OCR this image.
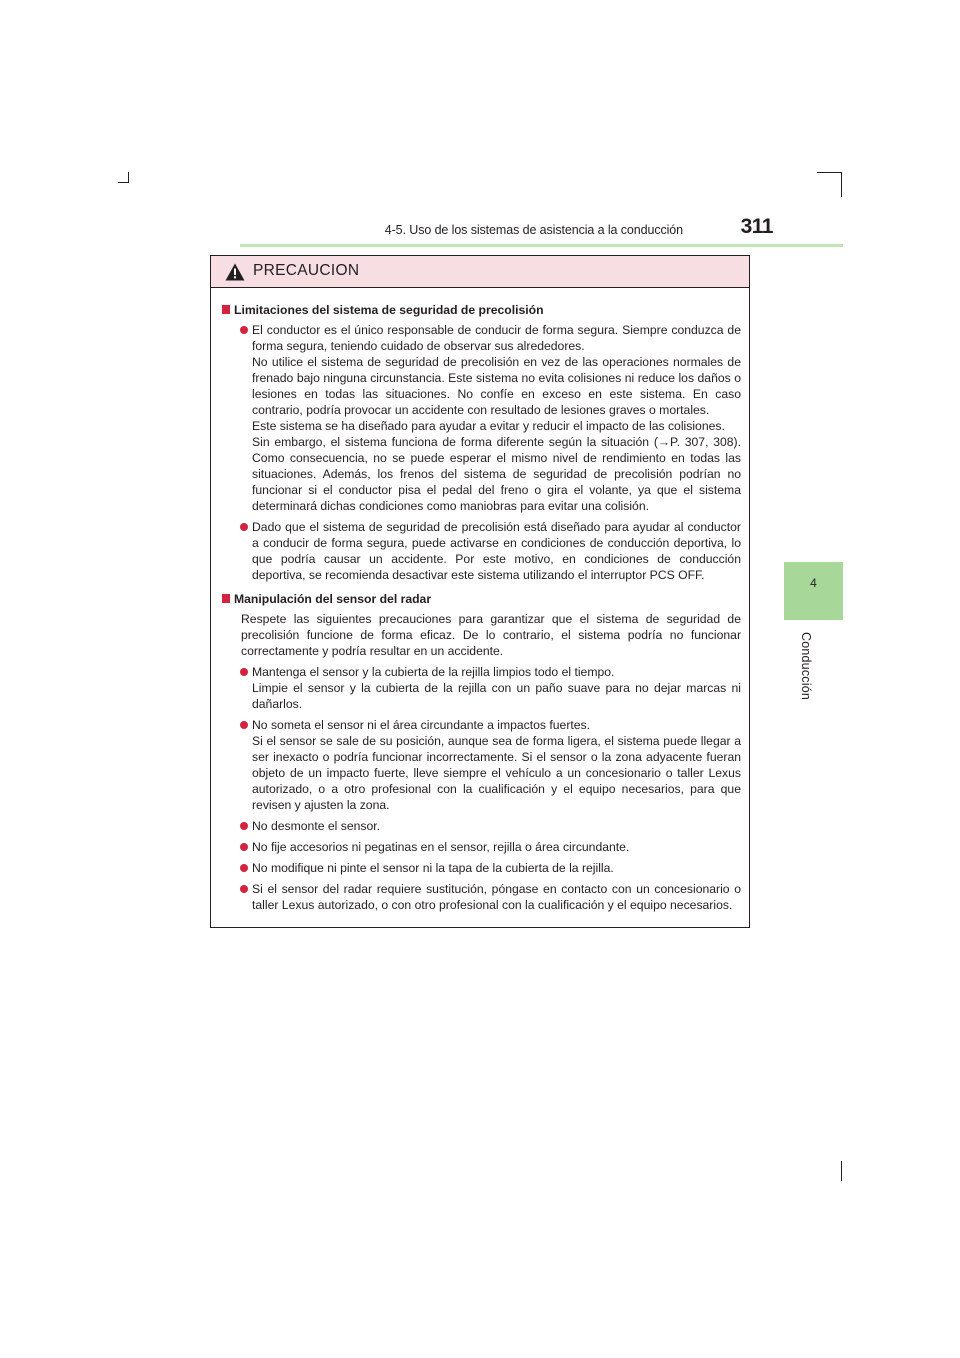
4-5. Uso de los sistemas de asistencia a la conducción	311
4
Conducción
PRECAUCION
Limitaciones del sistema de seguridad de precolisión

El conductor es el único responsable de conducir de forma segura. Siempre conduzca de forma segura, teniendo cuidado de observar sus alrededores.

No utilice el sistema de seguridad de precolisión en vez de las operaciones normales de frenado bajo ninguna circunstancia. Este sistema no evita colisiones ni reduce los daños o lesiones en todas las situaciones. No confíe en exceso en este sistema. En caso contrario, podría provocar un accidente con resultado de lesiones graves o mortales.

Este sistema se ha diseñado para ayudar a evitar y reducir el impacto de las colisiones.

Sin embargo, el sistema funciona de forma diferente según la situación (→P. 307, 308). Como consecuencia, no se puede esperar el mismo nivel de rendimiento en todas las situaciones. Además, los frenos del sistema de seguridad de precolisión podrían no funcionar si el conductor pisa el pedal del freno o gira el volante, ya que el sistema determinará dichas condiciones como maniobras para evitar una colisión.

Dado que el sistema de seguridad de precolisión está diseñado para ayudar al conductor a conducir de forma segura, puede activarse en condiciones de conducción deportiva, lo que podría causar un accidente. Por este motivo, en condiciones de conducción deportiva, se recomienda desactivar este sistema utilizando el interruptor PCS OFF.

Manipulación del sensor del radar

Respete las siguientes precauciones para garantizar que el sistema de seguridad de precolisión funcione de forma eficaz. De lo contrario, el sistema podría no funcionar correctamente y podría resultar en un accidente.

Mantenga el sensor y la cubierta de la rejilla limpios todo el tiempo.

Limpie el sensor y la cubierta de la rejilla con un paño suave para no dejar marcas ni dañarlos.

No someta el sensor ni el área circundante a impactos fuertes.

Si el sensor se sale de su posición, aunque sea de forma ligera, el sistema puede llegar a ser inexacto o podría funcionar incorrectamente. Si el sensor o la zona adyacente fueran objeto de un impacto fuerte, lleve siempre el vehículo a un concesionario o taller Lexus autorizado, o a otro profesional con la cualificación y el equipo necesarios, para que revisen y ajusten la zona.

No desmonte el sensor.

No fije accesorios ni pegatinas en el sensor, rejilla o área circundante.

No modifique ni pinte el sensor ni la tapa de la cubierta de la rejilla.

Si el sensor del radar requiere sustitución, póngase en contacto con un concesionario o taller Lexus autorizado, o con otro profesional con la cualificación y el equipo necesarios.
